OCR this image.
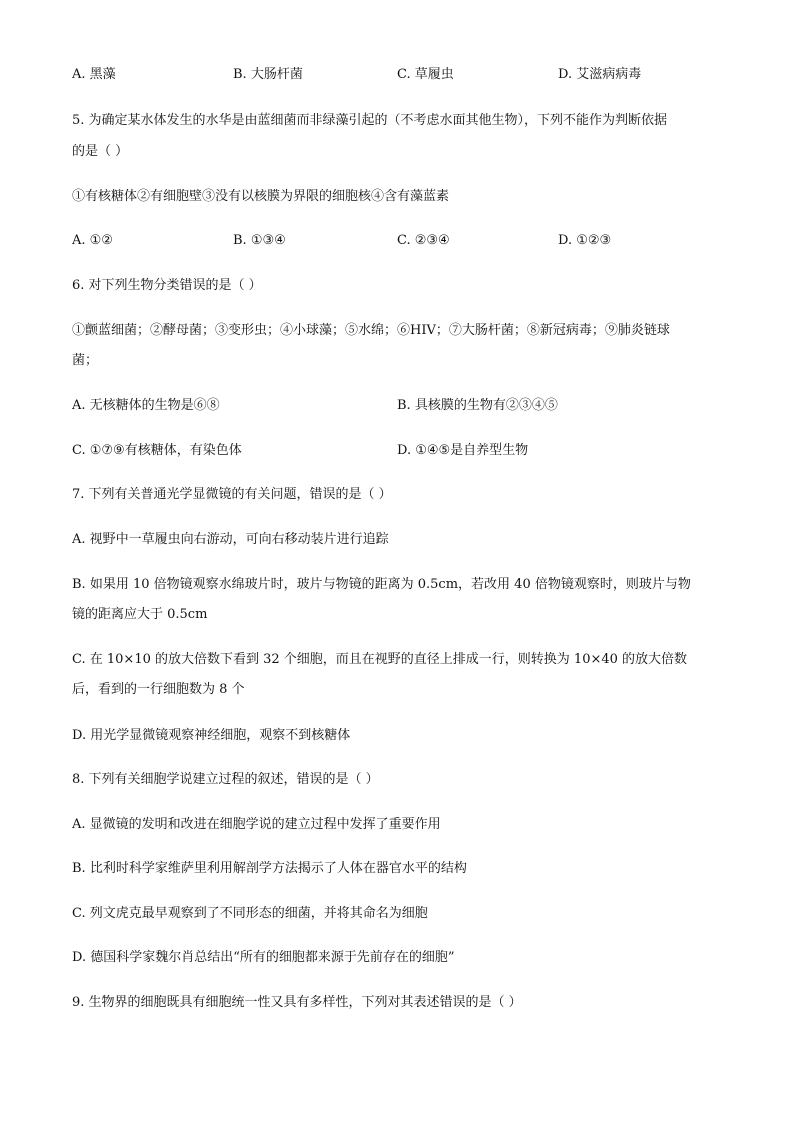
A. 黑藻	B. 大肠杆菌	C. 草履虫	D. 艾滋病病毒
5. 为确定某水体发生的水华是由蓝细菌而非绿藻引起的（不考虑水面其他生物），下列不能作为判断依据
的是（ ）
①有核糖体②有细胞壁③没有以核膜为界限的细胞核④含有藻蓝素
A. ①②	B. ①③④	C. ②③④	D. ①②③
6. 对下列生物分类错误的是（ ）
①颤蓝细菌；②酵母菌；③变形虫；④小球藻；⑤水绵；⑥HIV；⑦大肠杆菌；⑧新冠病毒；⑨肺炎链球
菌；
A. 无核糖体的生物是⑥⑧	B. 具核膜的生物有②③④⑤
C. ①⑦⑨有核糖体，有染色体	D. ①④⑤是自养型生物
7. 下列有关普通光学显微镜的有关问题，错误的是（ ）
A. 视野中一草履虫向右游动，可向右移动装片进行追踪
B. 如果用 10 倍物镜观察水绵玻片时，玻片与物镜的距离为 0.5cm，若改用 40 倍物镜观察时，则玻片与物
镜的距离应大于 0.5cm
C. 在 10×10 的放大倍数下看到 32 个细胞，而且在视野的直径上排成一行，则转换为 10×40 的放大倍数
后，看到的一行细胞数为 8 个
D. 用光学显微镜观察神经细胞，观察不到核糖体
8. 下列有关细胞学说建立过程的叙述，错误的是（ ）
A. 显微镜的发明和改进在细胞学说的建立过程中发挥了重要作用
B. 比利时科学家维萨里利用解剖学方法揭示了人体在器官水平的结构
C. 列文虎克最早观察到了不同形态的细菌，并将其命名为细胞
D. 德国科学家魏尔肖总结出“所有的细胞都来源于先前存在的细胞”
9. 生物界的细胞既具有细胞统一性又具有多样性，下列对其表述错误的是（ ）
